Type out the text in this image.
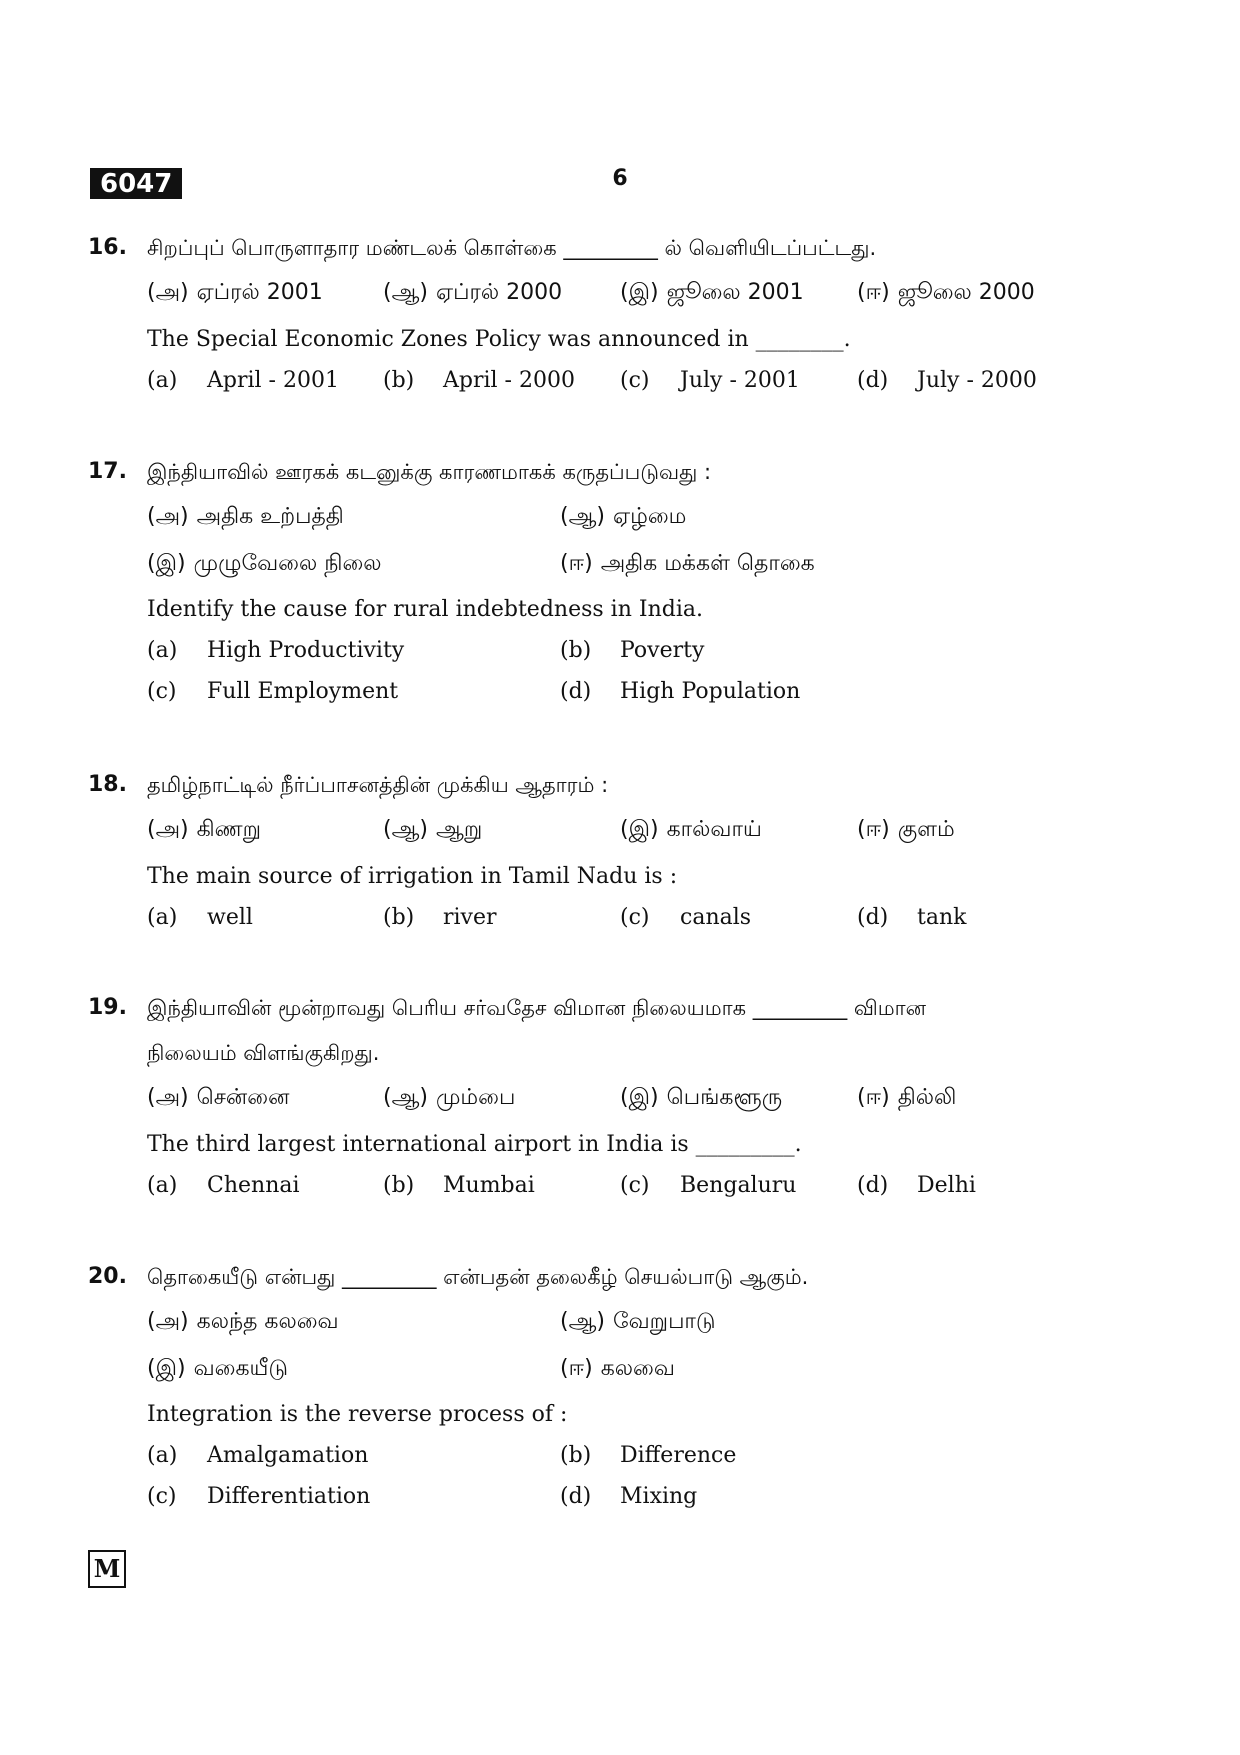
6047	6
16. சிறப்புப் பொருளாதார மண்டலக் கொள்கை _________ ல் வெளியிடப்பட்டது.
(அ) ஏப்ரல் 2001	(ஆ) ஏப்ரல் 2000	(இ) ஜூலை 2001 (ஈ) ஜூலை 2000
The Special Economic Zones Policy was announced in ________.
(a) April - 2001 (b) April - 2000 (c) July - 2001	(d) July - 2000
17. இந்தியாவில் ஊரகக் கடனுக்கு காரணமாகக் கருதப்படுவது :
(அ) அதிக உற்பத்தி	(ஆ) ஏழ்மை
(இ) முழுவேலை நிலை	(ஈ) அதிக மக்கள் தொகை
Identify the cause for rural indebtedness in India.
(a) High Productivity	(b) Poverty
(c) Full Employment	(d) High Population
18. தமிழ்நாட்டில் நீர்ப்பாசனத்தின் முக்கிய ஆதாரம் :
(அ) கிணறு	(ஆ) ஆறு	(இ) கால்வாய்	(ஈ) குளம்
The main source of irrigation in Tamil Nadu is :
(a) well	(b) river	(c) canals	(d) tank
19. இந்தியாவின் மூன்றாவது பெரிய சர்வதேச விமான நிலையமாக _________ விமான
நிலையம் விளங்குகிறது.
(அ) சென்னை	(ஆ) மும்பை	(இ) பெங்களூரு	(ஈ) தில்லி
The third largest international airport in India is _________.
(a) Chennai	(b) Mumbai	(c) Bengaluru	(d) Delhi
20. தொகையீடு என்பது _________ என்பதன் தலைகீழ் செயல்பாடு ஆகும்.
(அ) கலந்த கலவை	(ஆ) வேறுபாடு
(இ) வகையீடு	(ஈ) கலவை
Integration is the reverse process of :
(a) Amalgamation	(b) Difference
(c) Differentiation	(d) Mixing
M
